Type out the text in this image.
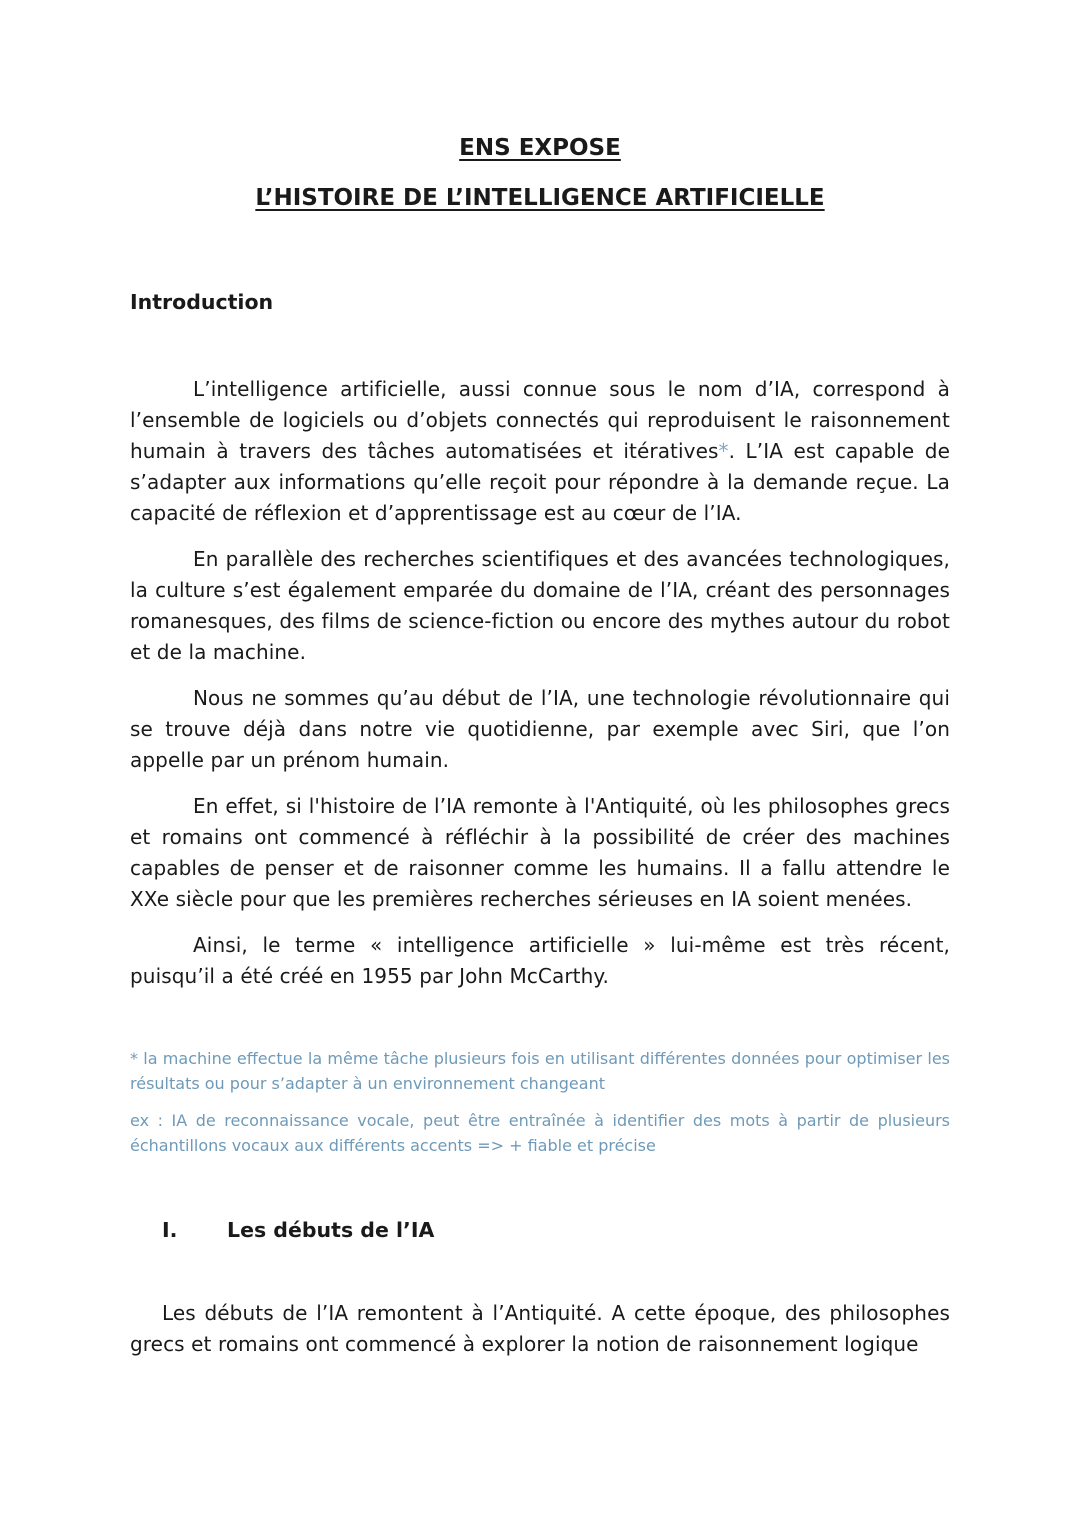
ENS EXPOSE
L’HISTOIRE DE L’INTELLIGENCE ARTIFICIELLE
Introduction

L’intelligence artificielle, aussi connue sous le nom d’IA, correspond à l’ensemble de logiciels ou d’objets connectés qui reproduisent le raisonnement humain à travers des tâches automatisées et itératives*. L’IA est capable de s’adapter aux informations qu’elle reçoit pour répondre à la demande reçue. La capacité de réflexion et d’apprentissage est au cœur de l’IA.

En parallèle des recherches scientifiques et des avancées technologiques, la culture s’est également emparée du domaine de l’IA, créant des personnages romanesques, des films de science-fiction ou encore des mythes autour du robot et de la machine.

Nous ne sommes qu’au début de l’IA, une technologie révolutionnaire qui se trouve déjà dans notre vie quotidienne, par exemple avec Siri, que l’on appelle par un prénom humain.

En effet, si l'histoire de l’IA remonte à l'Antiquité, où les philosophes grecs et romains ont commencé à réfléchir à la possibilité de créer des machines capables de penser et de raisonner comme les humains. Il a fallu attendre le XXe siècle pour que les premières recherches sérieuses en IA soient menées.

Ainsi, le terme « intelligence artificielle » lui-même est très récent, puisqu’il a été créé en 1955 par John McCarthy.

* la machine effectue la même tâche plusieurs fois en utilisant différentes données pour optimiser les résultats ou pour s’adapter à un environnement changeant

ex : IA de reconnaissance vocale, peut être entraînée à identifier des mots à partir de plusieurs échantillons vocaux aux différents accents => + fiable et précise

I.	Les débuts de l’IA

Les débuts de l’IA remontent à l’Antiquité. A cette époque, des philosophes grecs et romains ont commencé à explorer la notion de raisonnement logique
